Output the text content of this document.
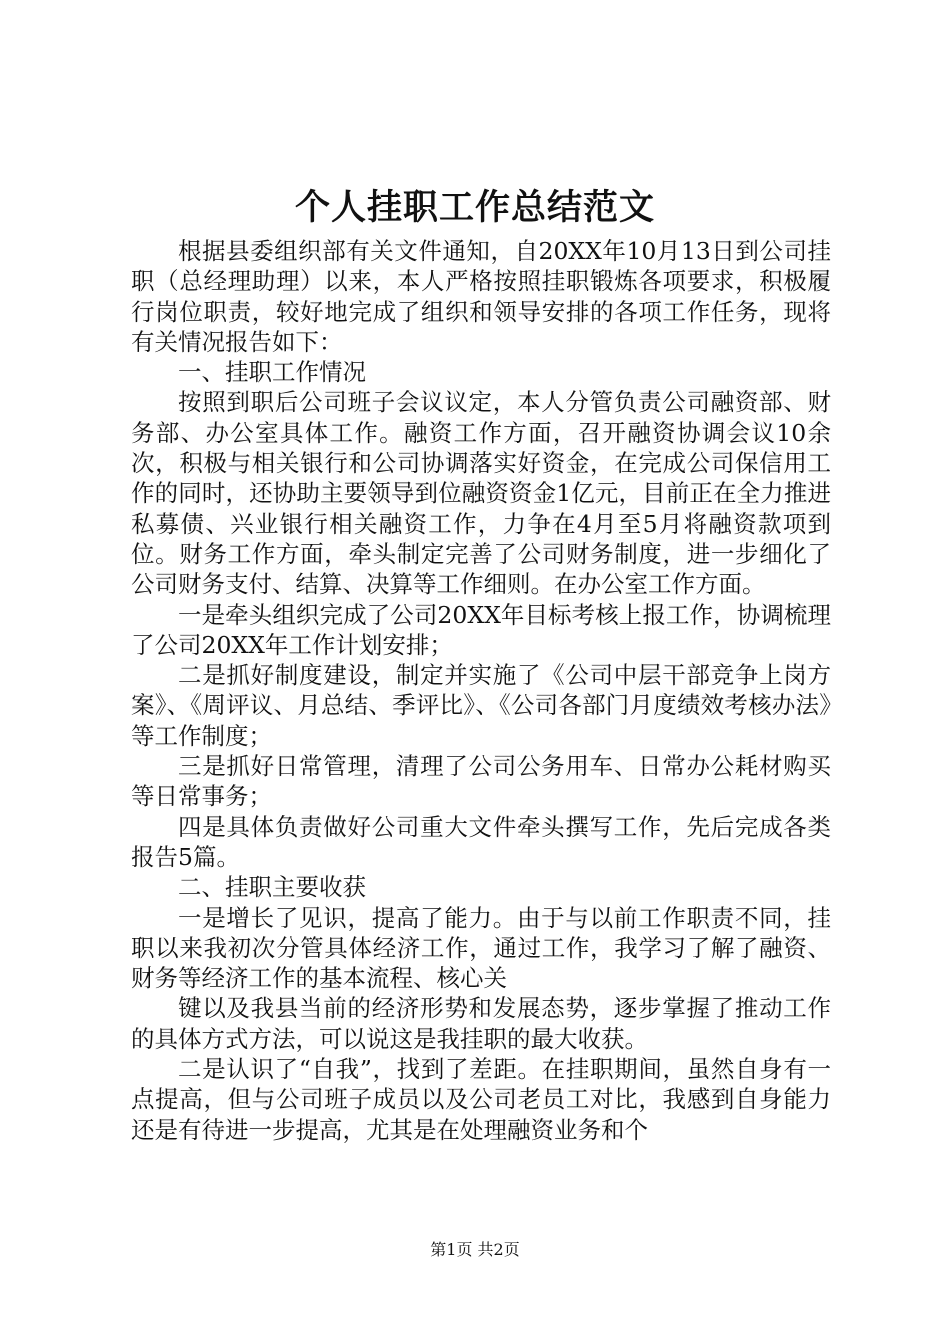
个人挂职工作总结范文

根据县委组织部有关文件通知，自20XX年10月13日到公司挂职（总经理助理）以来，本人严格按照挂职锻炼各项要求，积极履行岗位职责，较好地完成了组织和领导安排的各项工作任务，现将有关情况报告如下：

一、挂职工作情况

按照到职后公司班子会议议定，本人分管负责公司融资部、财务部、办公室具体工作。融资工作方面，召开融资协调会议10余次，积极与相关银行和公司协调落实好资金，在完成公司保信用工作的同时，还协助主要领导到位融资资金1亿元，目前正在全力推进私募债、兴业银行相关融资工作，力争在4月至5月将融资款项到位。财务工作方面，牵头制定完善了公司财务制度，进一步细化了公司财务支付、结算、决算等工作细则。在办公室工作方面。

一是牵头组织完成了公司20XX年目标考核上报工作，协调梳理了公司20XX年工作计划安排；

二是抓好制度建设，制定并实施了《公司中层干部竞争上岗方案》、《周评议、月总结、季评比》、《公司各部门月度绩效考核办法》等工作制度；

三是抓好日常管理，清理了公司公务用车、日常办公耗材购买等日常事务；

四是具体负责做好公司重大文件牵头撰写工作，先后完成各类报告5篇。

二、挂职主要收获

一是增长了见识，提高了能力。由于与以前工作职责不同，挂职以来我初次分管具体经济工作，通过工作，我学习了解了融资、财务等经济工作的基本流程、核心关

键以及我县当前的经济形势和发展态势，逐步掌握了推动工作的具体方式方法，可以说这是我挂职的最大收获。

二是认识了“自我”，找到了差距。在挂职期间，虽然自身有一点提高，但与公司班子成员以及公司老员工对比，我感到自身能力还是有待进一步提高，尤其是在处理融资业务和个

第1页 共2页
